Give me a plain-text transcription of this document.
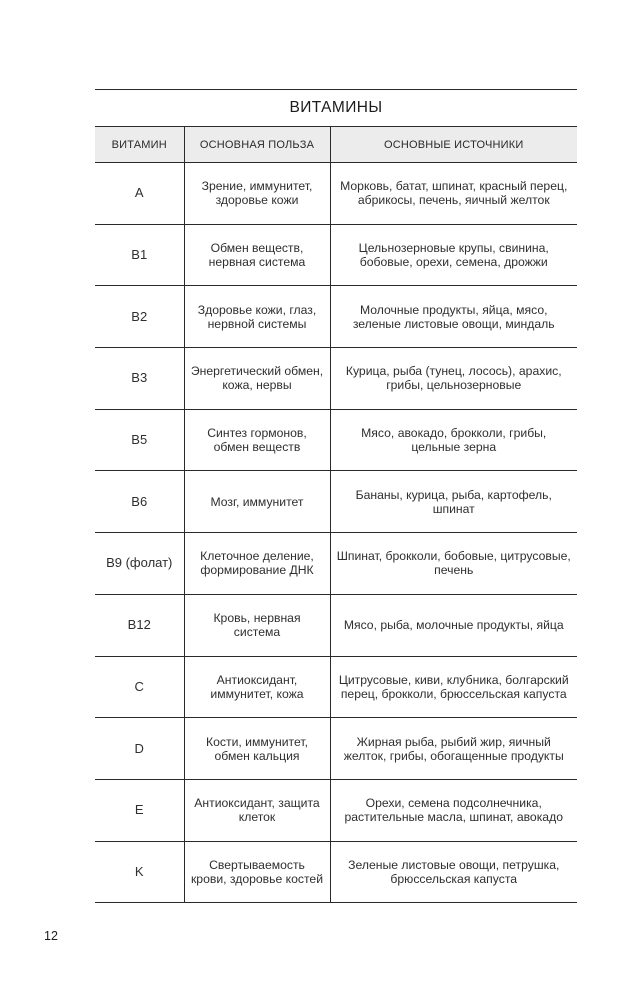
ВИТАМИНЫ		
ВИТАМИН	ОСНОВНАЯ ПОЛЬЗА	ОСНОВНЫЕ ИСТОЧНИКИ
A	Зрение, иммунитет, здоровье кожи	Морковь, батат, шпинат, красный перец, абрикосы, печень, яичный желток
B1	Обмен веществ, нервная система	Цельнозерновые крупы, свинина, бобовые, орехи, семена, дрожжи
B2	Здоровье кожи, глаз, нервной системы	Молочные продукты, яйца, мясо, зеленые листовые овощи, миндаль
B3	Энергетический обмен, кожа, нервы	Курица, рыба (тунец, лосось), арахис, грибы, цельнозерновые
B5	Синтез гормонов, обмен веществ	Мясо, авокадо, брокколи, грибы, цельные зерна
B6	Мозг, иммунитет	Бананы, курица, рыба, картофель, шпинат
B9 (фолат)	Клеточное деление, формирование ДНК	Шпинат, брокколи, бобовые, цитрусовые, печень
B12	Кровь, нервная система	Мясо, рыба, молочные продукты, яйца
C	Антиоксидант, иммунитет, кожа	Цитрусовые, киви, клубника, болгарский перец, брокколи, брюссельская капуста
D	Кости, иммунитет, обмен кальция	Жирная рыба, рыбий жир, яичный желток, грибы, обогащенные продукты
E	Антиоксидант, защита клеток	Орехи, семена подсолнечника, растительные масла, шпинат, авокадо
K	Свертываемость крови, здоровье костей	Зеленые листовые овощи, петрушка, брюссельская капуста
12
